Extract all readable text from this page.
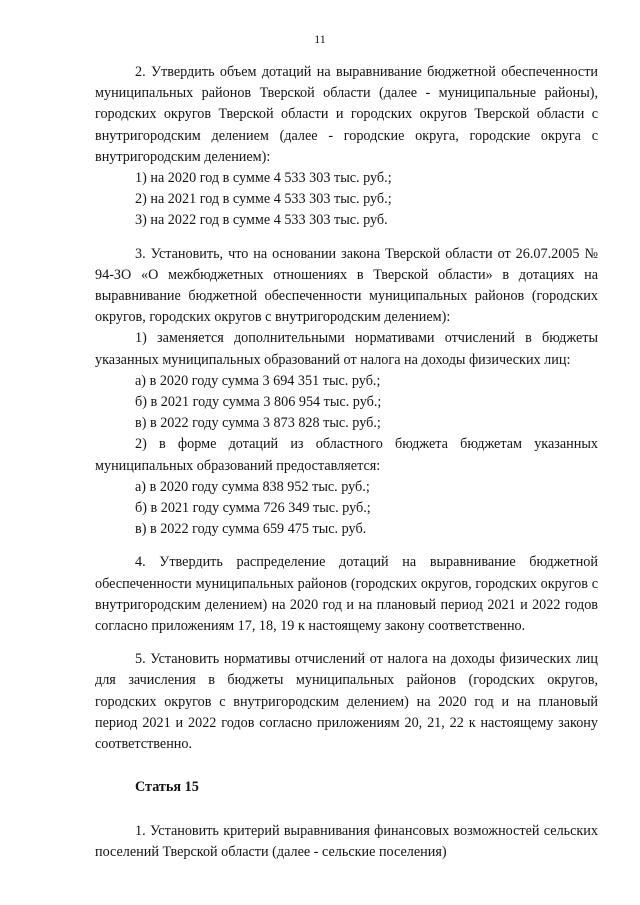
11

2. Утвердить объем дотаций на выравнивание бюджетной обеспеченности муниципальных районов Тверской области (далее - муниципальные районы), городских округов Тверской области и городских округов Тверской области с внутригородским делением (далее - городские округа, городские округа с внутригородским делением):

1) на 2020 год в сумме 4 533 303 тыс. руб.;

2) на 2021 год в сумме 4 533 303 тыс. руб.;

3) на 2022 год в сумме 4 533 303 тыс. руб.

3. Установить, что на основании закона Тверской области от 26.07.2005 № 94-ЗО «О межбюджетных отношениях в Тверской области» в дотациях на выравнивание бюджетной обеспеченности муниципальных районов (городских округов, городских округов с внутригородским делением):

1) заменяется дополнительными нормативами отчислений в бюджеты указанных муниципальных образований от налога на доходы физических лиц:

а) в 2020 году сумма 3 694 351 тыс. руб.;

б) в 2021 году сумма 3 806 954 тыс. руб.;

в) в 2022 году сумма 3 873 828 тыс. руб.;

2) в форме дотаций из областного бюджета бюджетам указанных муниципальных образований предоставляется:

а) в 2020 году сумма 838 952 тыс. руб.;

б) в 2021 году сумма 726 349 тыс. руб.;

в) в 2022 году сумма 659 475 тыс. руб.

4. Утвердить распределение дотаций на выравнивание бюджетной обеспеченности муниципальных районов (городских округов, городских округов с внутригородским делением) на 2020 год и на плановый период 2021 и 2022 годов согласно приложениям 17, 18, 19 к настоящему закону соответственно.

5. Установить нормативы отчислений от налога на доходы физических лиц для зачисления в бюджеты муниципальных районов (городских округов, городских округов с внутригородским делением) на 2020 год и на плановый период 2021 и 2022 годов согласно приложениям 20, 21, 22 к настоящему закону соответственно.

Статья 15

1. Установить критерий выравнивания финансовых возможностей сельских поселений Тверской области (далее - сельские поселения)
